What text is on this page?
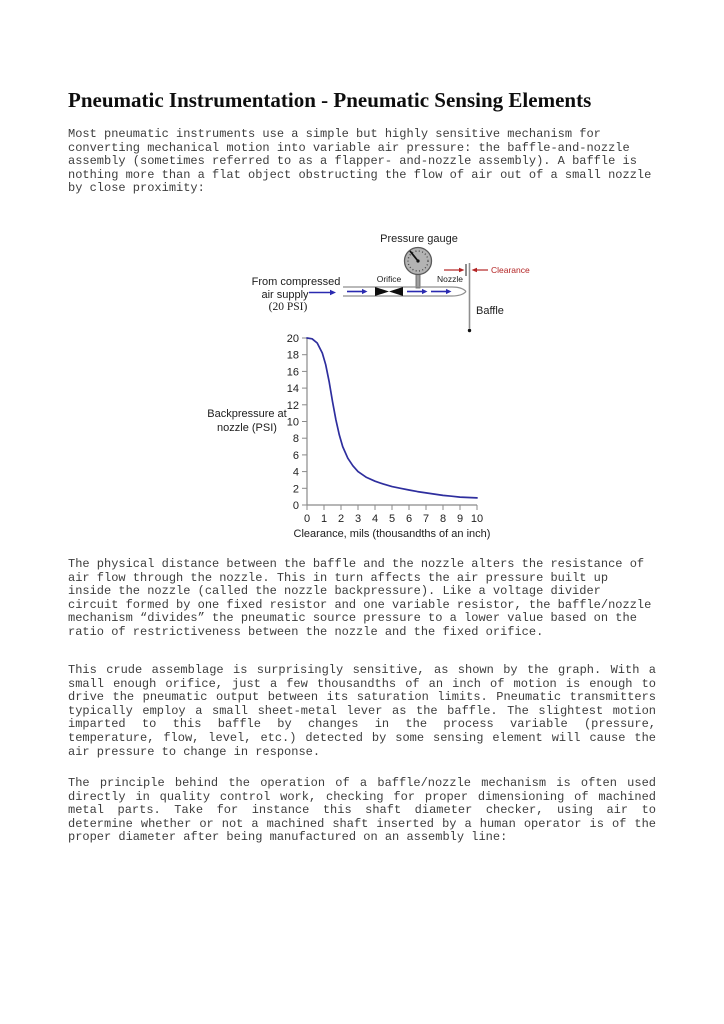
Pneumatic Instrumentation - Pneumatic Sensing Elements

Most pneumatic instruments use a simple but highly sensitive mechanism for converting mechanical motion into variable air pressure: the baffle-and-nozzle assembly (sometimes referred to as a flapper- and-nozzle assembly). A baffle is nothing more than a flat object obstructing the flow of air out of a small nozzle by close proximity:

Pressure gauge
Orifice	Nozzle
From compressed
air supply
(20 PSI)
Clearance
Baffle
Backpressure at
nozzle (PSI)
Clearance, mils (thousandths of an inch)
0
2
4
6
8
10
12
14
16
18
20
0 1 2 3 4 5 6 7 8 9 10

The physical distance between the baffle and the nozzle alters the resistance of air flow through the nozzle. This in turn affects the air pressure built up inside the nozzle (called the nozzle backpressure). Like a voltage divider circuit formed by one fixed resistor and one variable resistor, the baffle/nozzle mechanism “divides” the pneumatic source pressure to a lower value based on the ratio of restrictiveness between the nozzle and the fixed orifice.

This crude assemblage is surprisingly sensitive, as shown by the graph. With a small enough orifice, just a few thousandths of an inch of motion is enough to drive the pneumatic output between its saturation limits. Pneumatic transmitters typically employ a small sheet-metal lever as the baffle. The slightest motion imparted to this baffle by changes in the process variable (pressure, temperature, flow, level, etc.) detected by some sensing element will cause the air pressure to change in response.

The principle behind the operation of a baffle/nozzle mechanism is often used directly in quality control work, checking for proper dimensioning of machined metal parts. Take for instance this shaft diameter checker, using air to determine whether or not a machined shaft inserted by a human operator is of the proper diameter after being manufactured on an assembly line:
